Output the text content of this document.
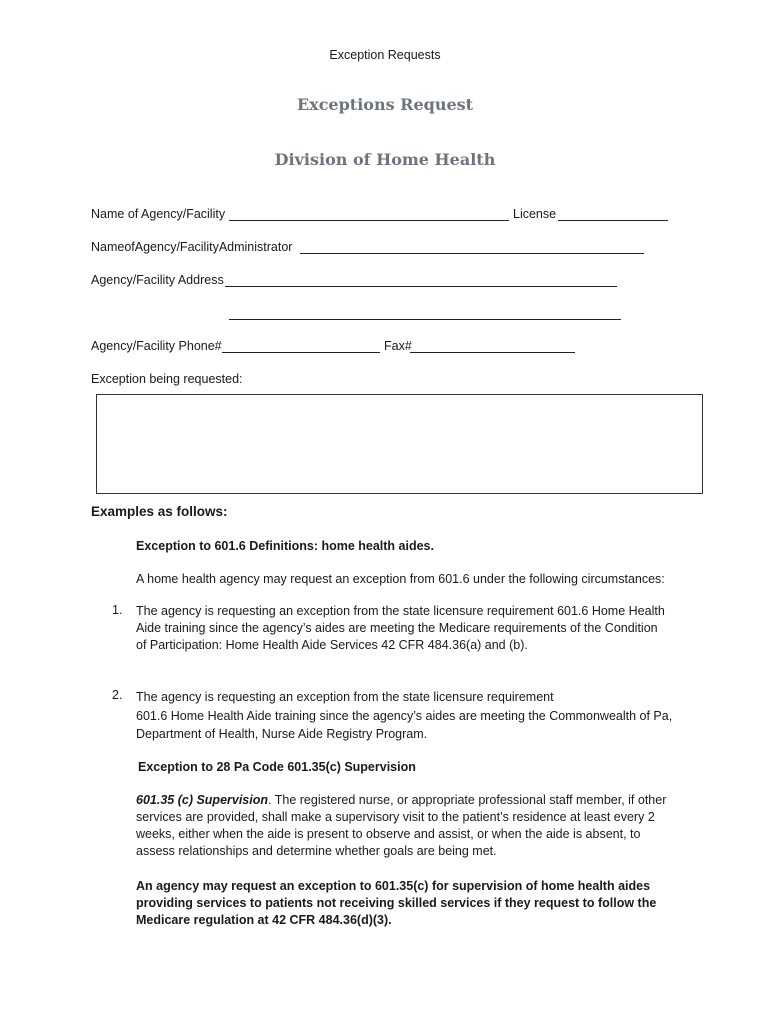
Exception Requests
Exceptions Request
Division of Home Health
Name of Agency/Facility	License
NameofAgency/FacilityAdministrator
Agency/Facility Address
Agency/Facility Phone#	Fax#
Exception being requested:
Examples as follows:
Exception to 601.6 Definitions: home health aides.
A home health agency may request an exception from 601.6 under the following circumstances:
1. The agency is requesting an exception from the state licensure requirement 601.6 Home Health
Aide training since the agency’s aides are meeting the Medicare requirements of the Condition
of Participation: Home Health Aide Services 42 CFR 484.36(a) and (b).
2. The agency is requesting an exception from the state licensure requirement
601.6 Home Health Aide training since the agency’s aides are meeting the Commonwealth of Pa,
Department of Health, Nurse Aide Registry Program.
Exception to 28 Pa Code 601.35(c) Supervision
601.35 (c) Supervision. The registered nurse, or appropriate professional staff member, if other
services are provided, shall make a supervisory visit to the patient’s residence at least every 2
weeks, either when the aide is present to observe and assist, or when the aide is absent, to
assess relationships and determine whether goals are being met.
An agency may request an exception to 601.35(c) for supervision of home health aides
providing services to patients not receiving skilled services if they request to follow the
Medicare regulation at 42 CFR 484.36(d)(3).
